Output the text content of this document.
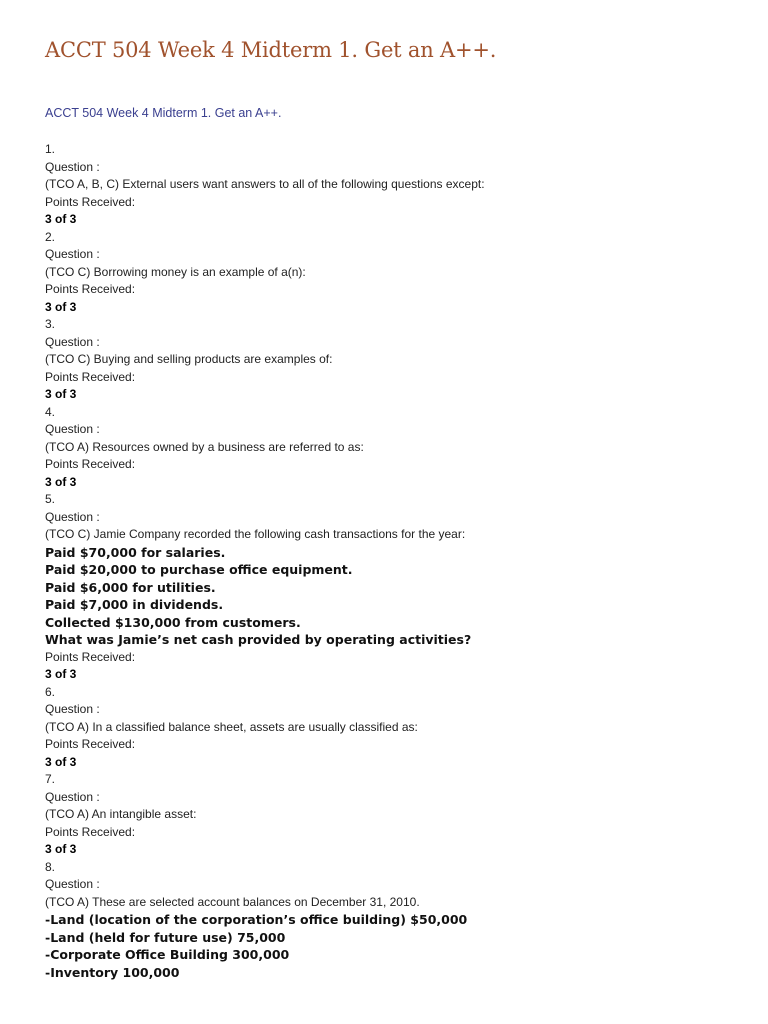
ACCT 504 Week 4 Midterm 1. Get an A++.
ACCT 504 Week 4 Midterm 1. Get an A++.
1.
Question :
(TCO A, B, C) External users want answers to all of the following questions except:
Points Received:
3 of 3
2.
Question :
(TCO C) Borrowing money is an example of a(n):
Points Received:
3 of 3
3.
Question :
(TCO C) Buying and selling products are examples of:
Points Received:
3 of 3
4.
Question :
(TCO A) Resources owned by a business are referred to as:
Points Received:
3 of 3
5.
Question :
(TCO C) Jamie Company recorded the following cash transactions for the year:
Paid $70,000 for salaries.
Paid $20,000 to purchase office equipment.
Paid $6,000 for utilities.
Paid $7,000 in dividends.
Collected $130,000 from customers.
What was Jamie’s net cash provided by operating activities?
Points Received:
3 of 3
6.
Question :
(TCO A) In a classified balance sheet, assets are usually classified as:
Points Received:
3 of 3
7.
Question :
(TCO A) An intangible asset:
Points Received:
3 of 3
8.
Question :
(TCO A) These are selected account balances on December 31, 2010.
-Land (location of the corporation’s office building) $50,000
-Land (held for future use) 75,000
-Corporate Office Building 300,000
-Inventory 100,000
